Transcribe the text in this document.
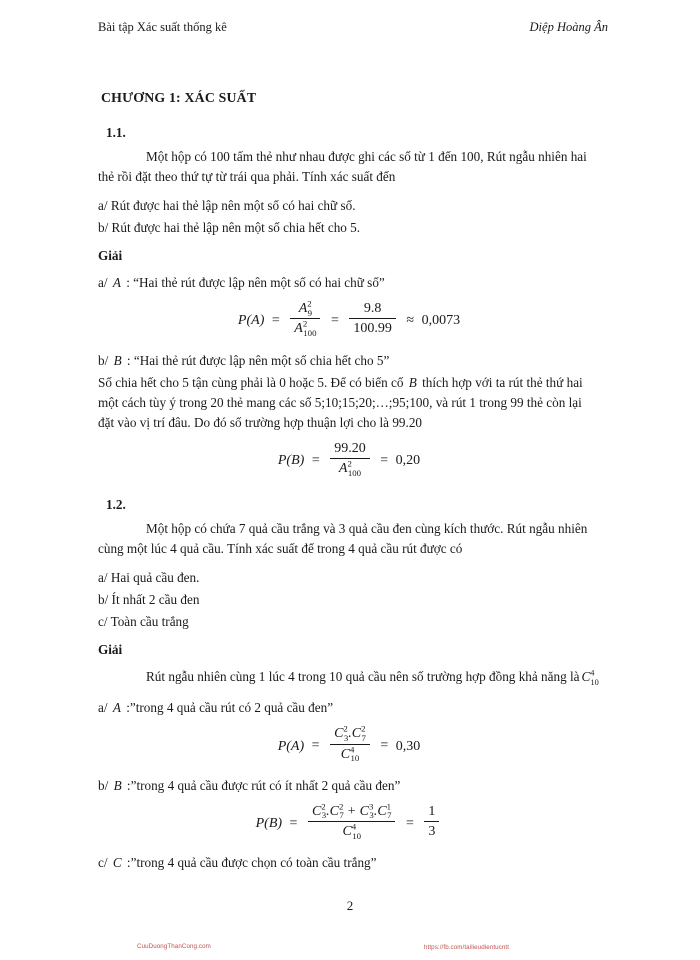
Bài tập Xác suất thống kê	Diệp Hoàng Ân
CHƯƠNG 1: XÁC SUẤT
1.1.

Một hộp có 100 tấm thẻ như nhau được ghi các số từ 1 đến 100, Rút ngẫu nhiên hai thẻ rồi đặt theo thứ tự từ trái qua phải. Tính xác suất đến

a/ Rút được hai thẻ lập nên một số có hai chữ số.

b/ Rút được hai thẻ lập nên một số chia hết cho 5.

Giải

a/ A : “Hai thẻ rút được lập nên một số có hai chữ số”

$P(A) = \frac{A^2_9}{A^2_{100}} = \frac{9.8}{100.99} \approx 0,0073$

b/ B : “Hai thẻ rút được lập nên một số chia hết cho 5”

Số chia hết cho 5 tận cùng phải là 0 hoặc 5. Để có biến cố B thích hợp với ta rút thẻ thứ hai một cách tùy ý trong 20 thẻ mang các số 5;10;15;20;…;95;100, và rút 1 trong 99 thẻ còn lại đặt vào vị trí đâu. Do đó số trường hợp thuận lợi cho là 99.20

$P(B) = \frac{99.20}{A^2_{100}} = 0,20$
1.2.

Một hộp có chứa 7 quả cầu trắng và 3 quả cầu đen cùng kích thước. Rút ngẫu nhiên cùng một lúc 4 quả cầu. Tính xác suất để trong 4 quả cầu rút được có

a/ Hai quả cầu đen.

b/ Ít nhất 2 cầu đen

c/ Toàn cầu trắng

Giải

Rút ngẫu nhiên cùng 1 lúc 4 trong 10 quả cầu nên số trường hợp đồng khả năng là $C^4_{10}$

a/ A :”trong 4 quả cầu rút có 2 quả cầu đen”

$P(A) = \frac{C^2_3.C^2_7}{C^4_{10}} = 0,30$

b/ B :”trong 4 quả cầu được rút có ít nhất 2 quả cầu đen”

$P(B) = \frac{C^2_3.C^2_7 + C^3_3.C^1_7}{C^4_{10}} = \frac{1}{3}$

c/ C :”trong 4 quả cầu được chọn có toàn cầu trắng”

2
CuuDuongThanCong.com	https://fb.com/tailieudientucntt
